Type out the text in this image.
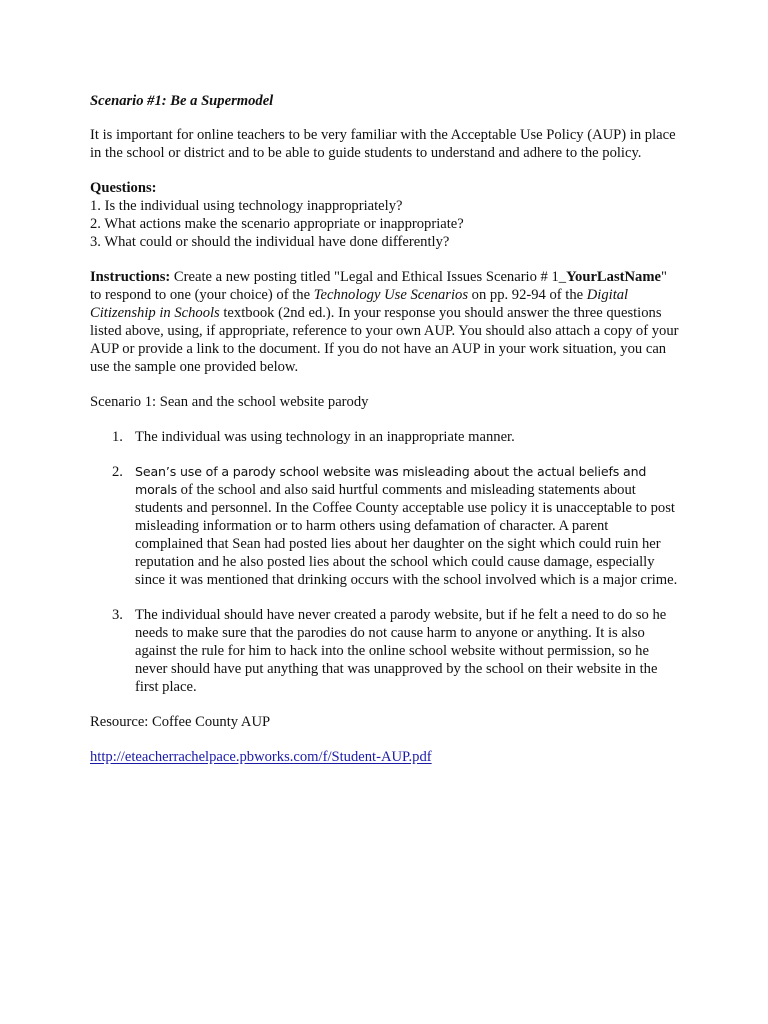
Scenario #1: Be a Supermodel

It is important for online teachers to be very familiar with the Acceptable Use Policy (AUP) in place in the school or district and to be able to guide students to understand and adhere to the policy.

Questions:

1. Is the individual using technology inappropriately?
2. What actions make the scenario appropriate or inappropriate?
3. What could or should the individual have done differently?

Instructions: Create a new posting titled "Legal and Ethical Issues Scenario # 1_YourLastName" to respond to one (your choice) of the Technology Use Scenarios on pp. 92-94 of the Digital Citizenship in Schools textbook (2nd ed.). In your response you should answer the three questions listed above, using, if appropriate, reference to your own AUP. You should also attach a copy of your AUP or provide a link to the document. If you do not have an AUP in your work situation, you can use the sample one provided below.

Scenario 1: Sean and the school website parody

1. The individual was using technology in an inappropriate manner.
2. Sean’s use of a parody school website was misleading about the actual beliefs and morals of the school and also said hurtful comments and misleading statements about students and personnel. In the Coffee County acceptable use policy it is unacceptable to post misleading information or to harm others using defamation of character. A parent complained that Sean had posted lies about her daughter on the sight which could ruin her reputation and he also posted lies about the school which could cause damage, especially since it was mentioned that drinking occurs with the school involved which is a major crime.
3. The individual should have never created a parody website, but if he felt a need to do so he needs to make sure that the parodies do not cause harm to anyone or anything. It is also against the rule for him to hack into the online school website without permission, so he never should have put anything that was unapproved by the school on their website in the first place.

Resource: Coffee County AUP

http://eteacherrachelpace.pbworks.com/f/Student-AUP.pdf
